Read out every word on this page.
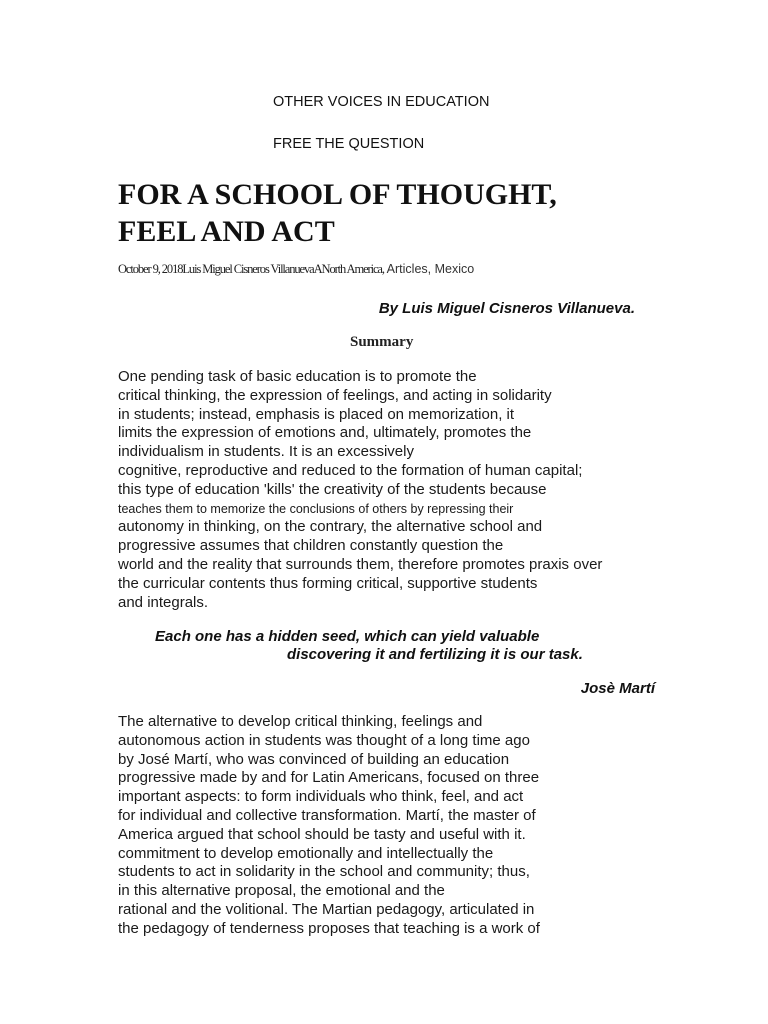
OTHER VOICES IN EDUCATION
FREE THE QUESTION
FOR A SCHOOL OF THOUGHT,
FEEL AND ACT
October 9, 2018Luis Miguel Cisneros VillanuevaANorth America, Articles, Mexico
By Luis Miguel Cisneros Villanueva.
Summary
One pending task of basic education is to promote the
critical thinking, the expression of feelings, and acting in solidarity
in students; instead, emphasis is placed on memorization, it
limits the expression of emotions and, ultimately, promotes the
individualism in students. It is an excessively
cognitive, reproductive and reduced to the formation of human capital;
this type of education 'kills' the creativity of the students because
teaches them to memorize the conclusions of others by repressing their
autonomy in thinking, on the contrary, the alternative school and
progressive assumes that children constantly question the
world and the reality that surrounds them, therefore promotes praxis over
the curricular contents thus forming critical, supportive students
and integrals.
Each one has a hidden seed, which can yield valuable
discovering it and fertilizing it is our task.
Josè Martí
The alternative to develop critical thinking, feelings and
autonomous action in students was thought of a long time ago
by José Martí, who was convinced of building an education
progressive made by and for Latin Americans, focused on three
important aspects: to form individuals who think, feel, and act
for individual and collective transformation. Martí, the master of
America argued that school should be tasty and useful with it.
commitment to develop emotionally and intellectually the
students to act in solidarity in the school and community; thus,
in this alternative proposal, the emotional and the
rational and the volitional. The Martian pedagogy, articulated in
the pedagogy of tenderness proposes that teaching is a work of
